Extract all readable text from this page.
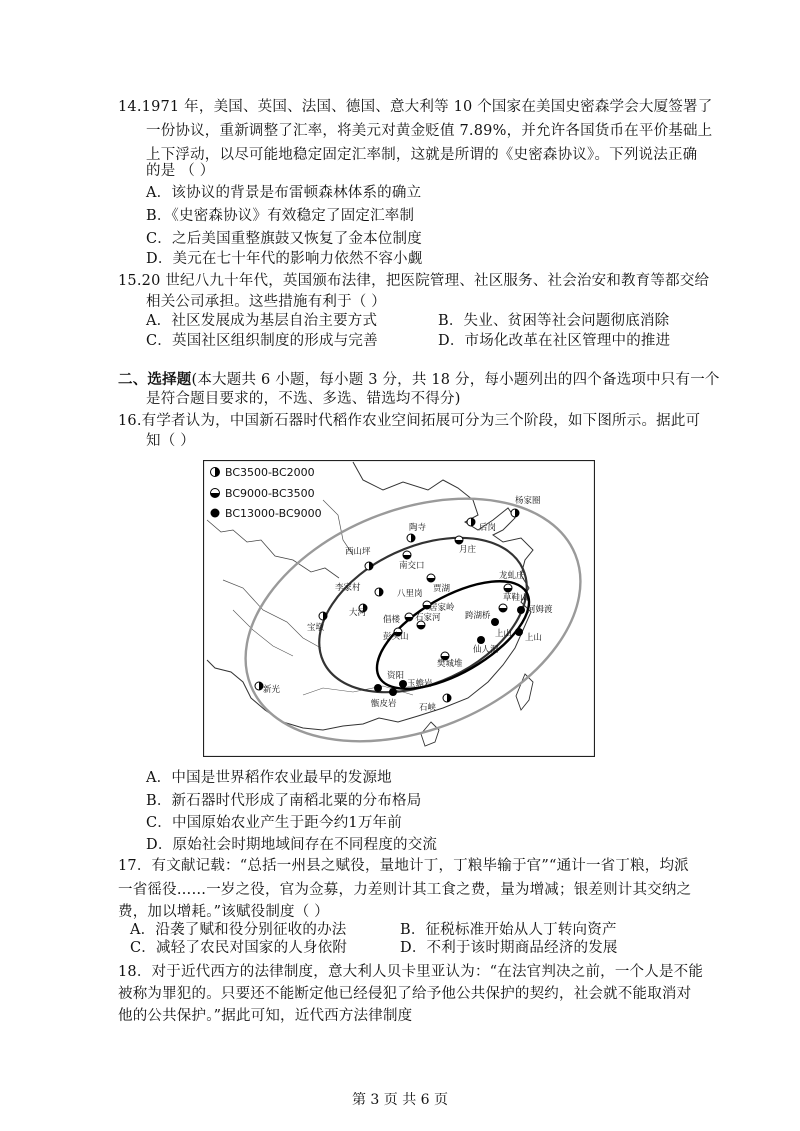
14.1971 年，美国、英国、法国、德国、意大利等 10 个国家在美国史密森学会大厦签署了
一份协议，重新调整了汇率，将美元对黄金贬值 7.89%，并允许各国货币在平价基础上
上下浮动，以尽可能地稳定固定汇率制，这就是所谓的《史密森协议》。下列说法正确
的是 （ ）
A．该协议的背景是布雷顿森林体系的确立
B．《史密森协议》有效稳定了固定汇率制
C．之后美国重整旗鼓又恢复了金本位制度
D．美元在七十年代的影响力依然不容小觑
15.20 世纪八九十年代，英国颁布法律，把医院管理、社区服务、社会治安和教育等都交给
相关公司承担。这些措施有利于（ ）
A．社区发展成为基层自治主要方式	B．失业、贫困等社会问题彻底消除
C．英国社区组织制度的形成与完善	D．市场化改革在社区管理中的推进
二、选择题(本大题共 6 小题，每小题 3 分，共 18 分，每小题列出的四个备选项中只有一个
是符合题目要求的，不选、多选、错选均不得分)
16.有学者认为，中国新石器时代稻作农业空间拓展可分为三个阶段，如下图所示。据此可
知（ ）
BC3500-BC2000
BC9000-BC3500
BC13000-BC9000
杨家圈
陶寺	后岗
月庄
西山坪
南交口
李家村	贾湖
龙虬庄
八里岗
大河
倡楼
宝墩
居家岭
石家河
彭头山
草鞋山
跨湖桥
河姆渡
上山
仙人洞
上山
樊城堆
资阳
玉蟾岩
甑皮岩	石峡
新光
A．中国是世界稻作农业最早的发源地
B．新石器时代形成了南稻北粟的分布格局
C．中国原始农业产生于距今约1万年前
D．原始社会时期地域间存在不同程度的交流
17．有文献记载：“总括一州县之赋役，量地计丁，丁粮毕输于官”“通计一省丁粮，均派
一省徭役……一岁之役，官为佥募，力差则计其工食之费，量为增减；银差则计其交纳之
费，加以增耗。”该赋役制度（ ）
A．沿袭了赋和役分别征收的办法	B．征税标准开始从人丁转向资产
C．减轻了农民对国家的人身依附	D．不利于该时期商品经济的发展
18．对于近代西方的法律制度，意大利人贝卡里亚认为：“在法官判决之前，一个人是不能
被称为罪犯的。只要还不能断定他已经侵犯了给予他公共保护的契约，社会就不能取消对
他的公共保护。”据此可知，近代西方法律制度
第 3 页 共 6 页
